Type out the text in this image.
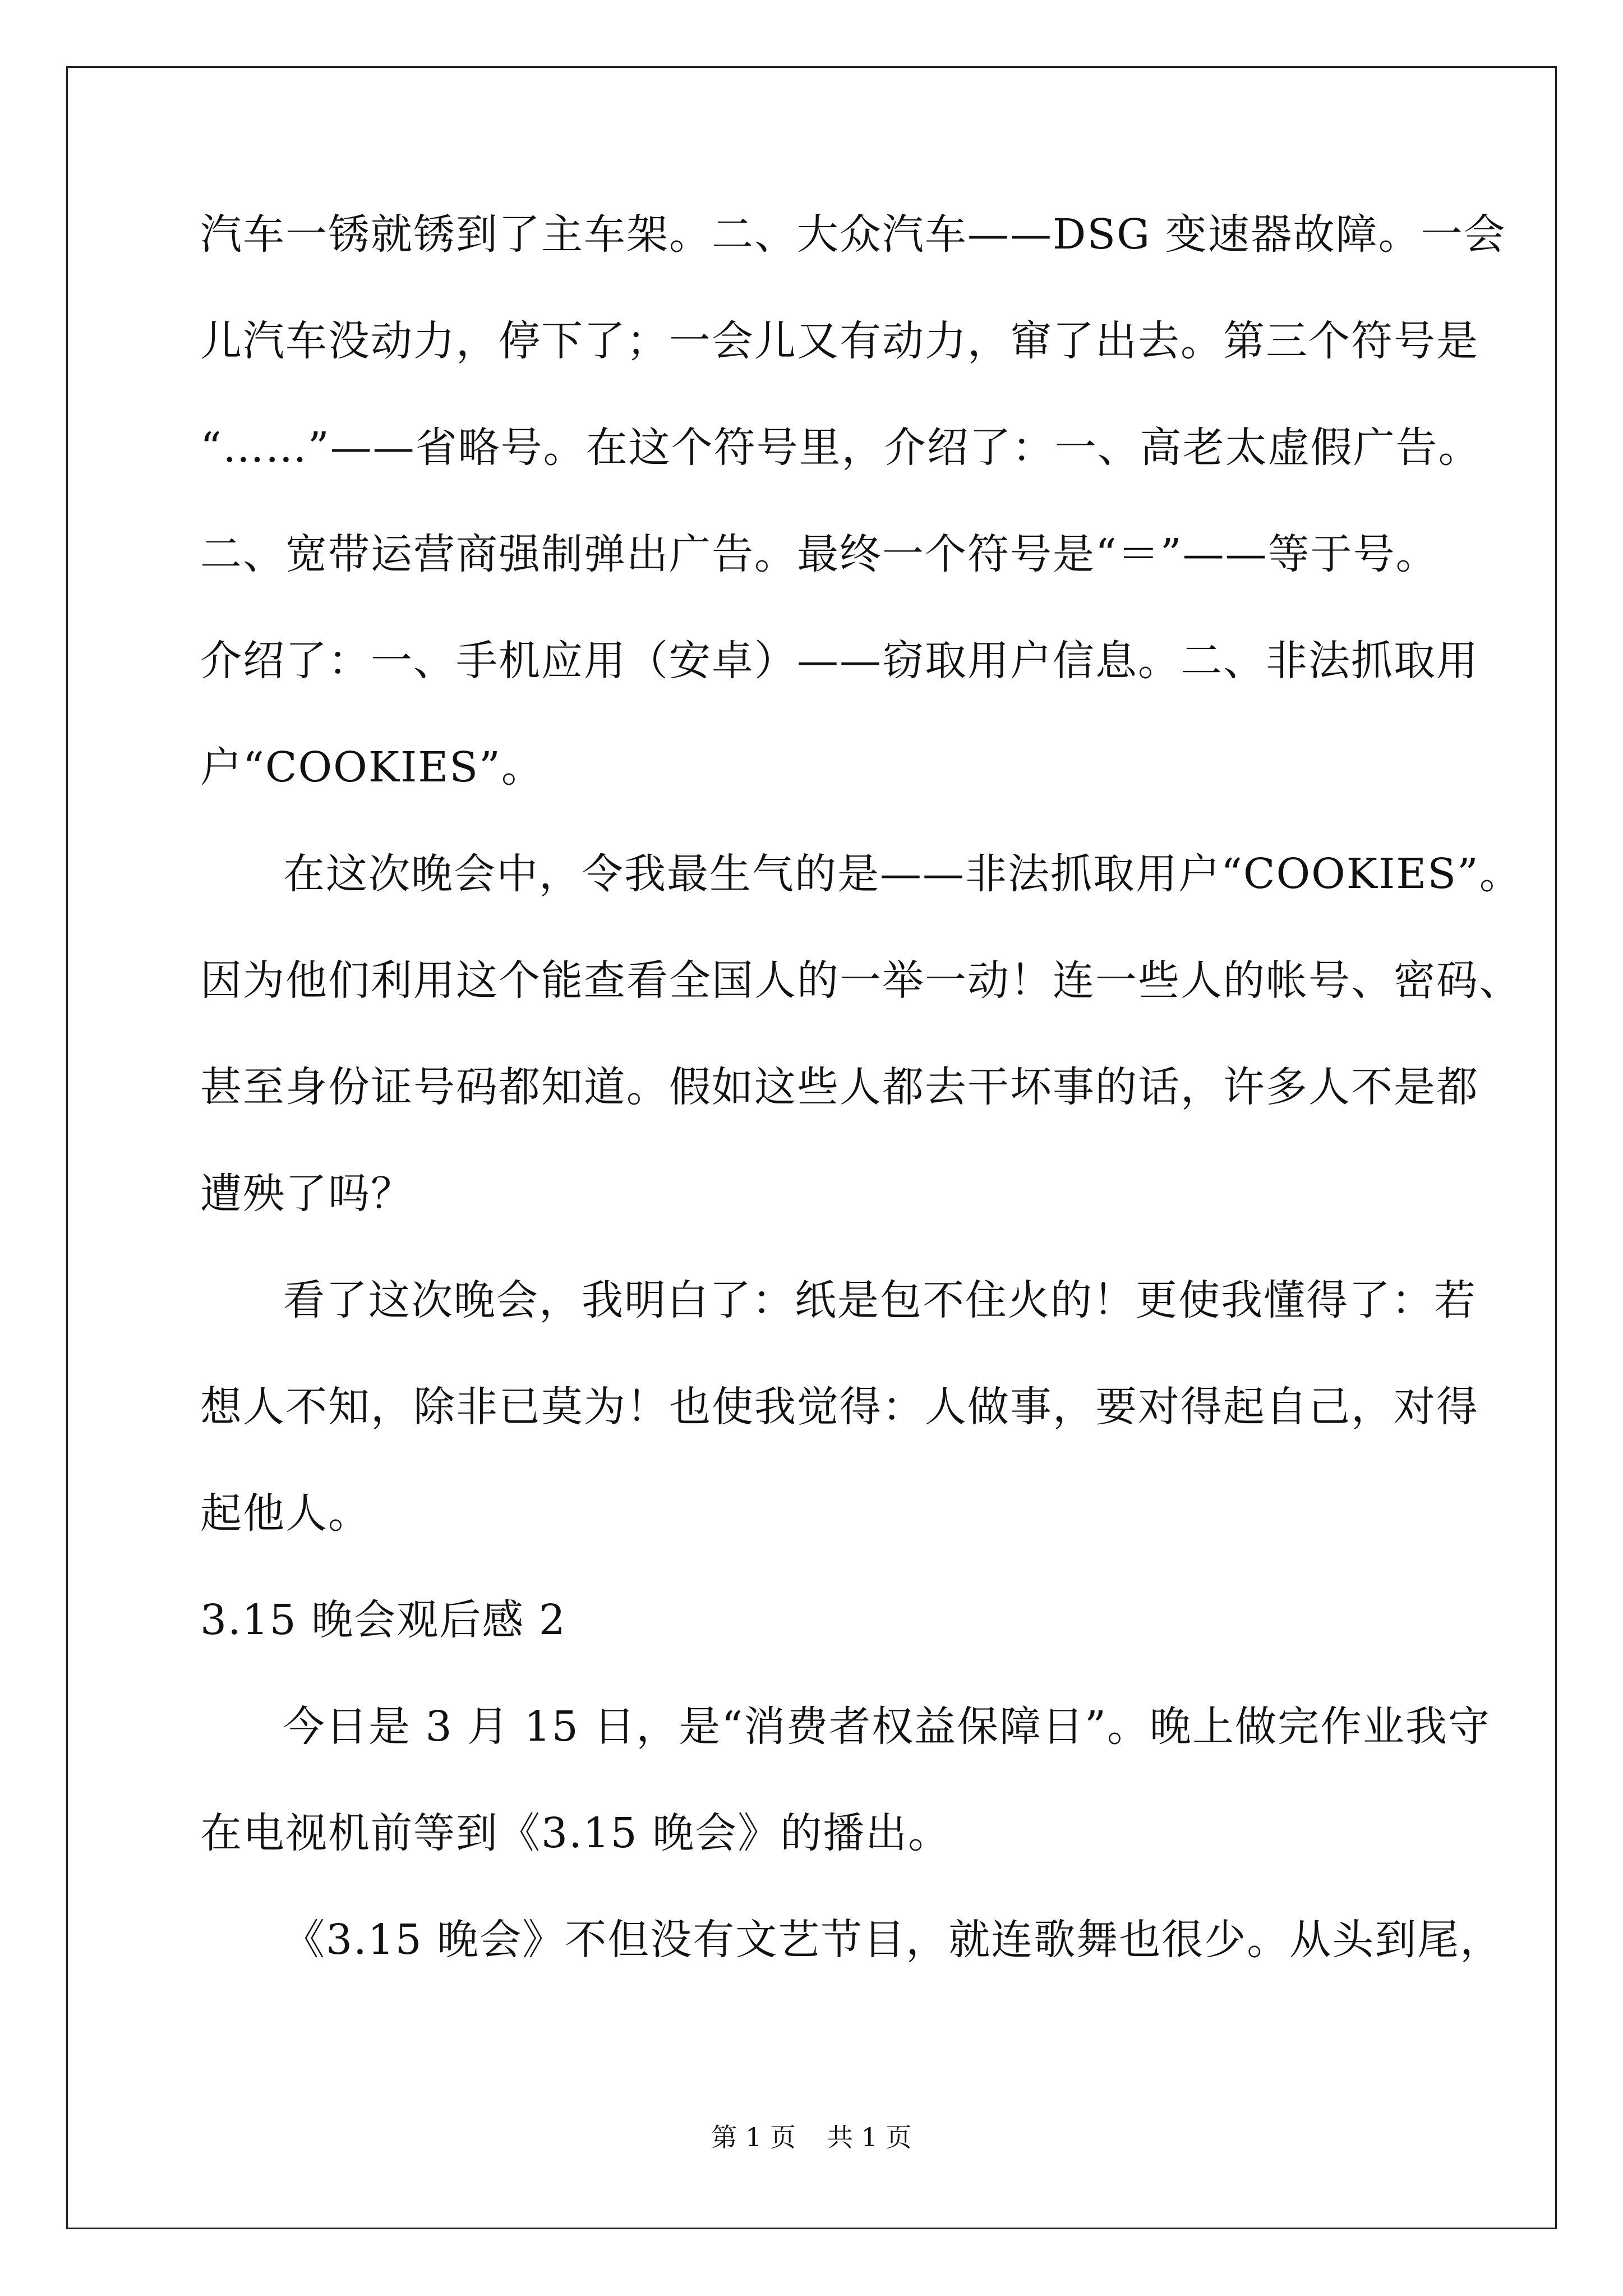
汽车一锈就锈到了主车架。二、大众汽车——DSG 变速器故障。一会
儿汽车没动力，停下了；一会儿又有动力，窜了出去。第三个符号是
“……”——省略号。在这个符号里，介绍了：一、高老太虚假广告。
二、宽带运营商强制弹出广告。最终一个符号是“＝”——等于号。
介绍了：一、手机应用（安卓）——窃取用户信息。二、非法抓取用
户“COOKIES”。
在这次晚会中，令我最生气的是——非法抓取用户“COOKIES”。
因为他们利用这个能查看全国人的一举一动！连一些人的帐号、密码、
甚至身份证号码都知道。假如这些人都去干坏事的话，许多人不是都
遭殃了吗？
看了这次晚会，我明白了：纸是包不住火的！更使我懂得了：若
想人不知，除非已莫为！也使我觉得：人做事，要对得起自己，对得
起他人。
3.15 晚会观后感 2
今日是 3 月 15 日，是“消费者权益保障日”。晚上做完作业我守
在电视机前等到《3.15 晚会》的播出。
《3.15 晚会》不但没有文艺节目，就连歌舞也很少。从头到尾，
第 1 页 共 1 页
